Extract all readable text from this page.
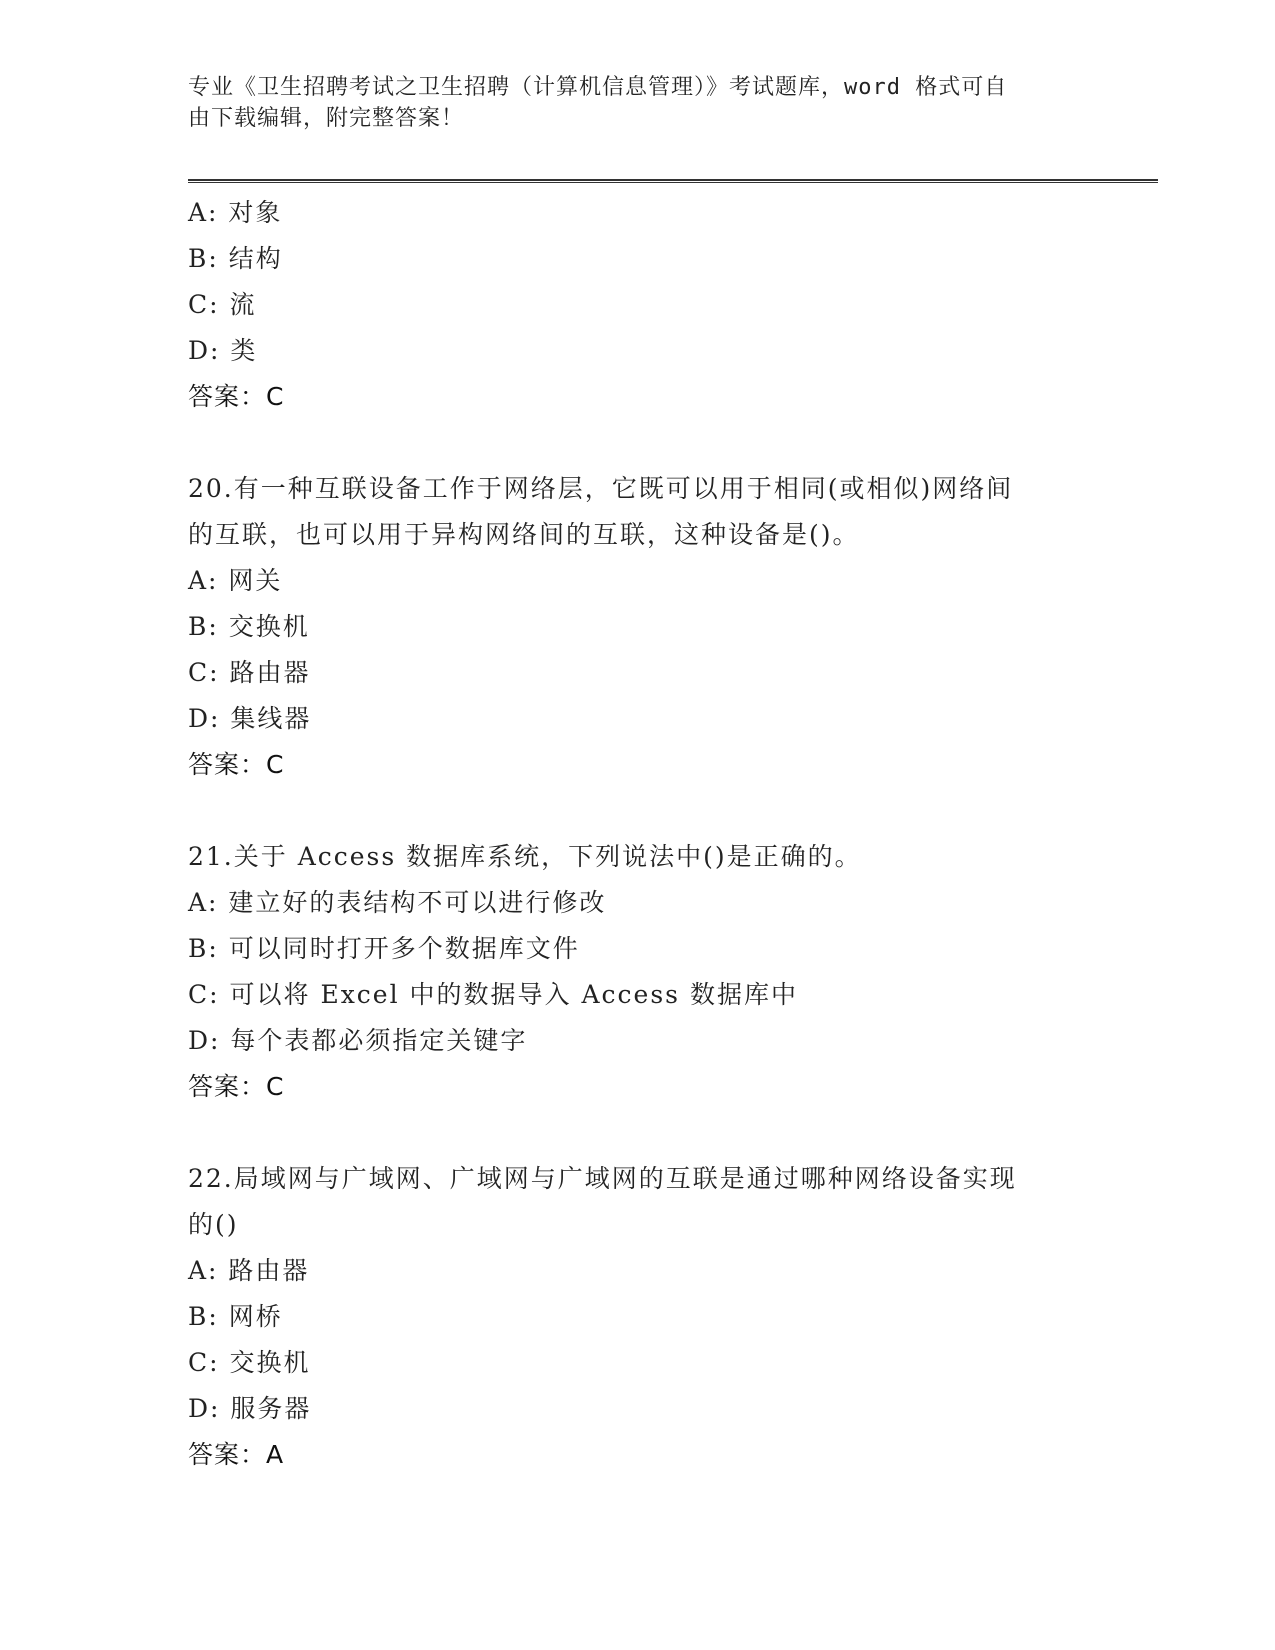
专业《卫生招聘考试之卫生招聘（计算机信息管理）》考试题库，word 格式可自
由下载编辑，附完整答案！
A: 对象
B: 结构
C: 流
D: 类
答案：C
20.有一种互联设备工作于网络层，它既可以用于相同(或相似)网络间
的互联，也可以用于异构网络间的互联，这种设备是()。
A: 网关
B: 交换机
C: 路由器
D: 集线器
答案：C
21.关于 Access 数据库系统，下列说法中()是正确的。
A: 建立好的表结构不可以进行修改
B: 可以同时打开多个数据库文件
C: 可以将 Excel 中的数据导入 Access 数据库中
D: 每个表都必须指定关键字
答案：C
22.局域网与广域网、广域网与广域网的互联是通过哪种网络设备实现
的()
A: 路由器
B: 网桥
C: 交换机
D: 服务器
答案：A
